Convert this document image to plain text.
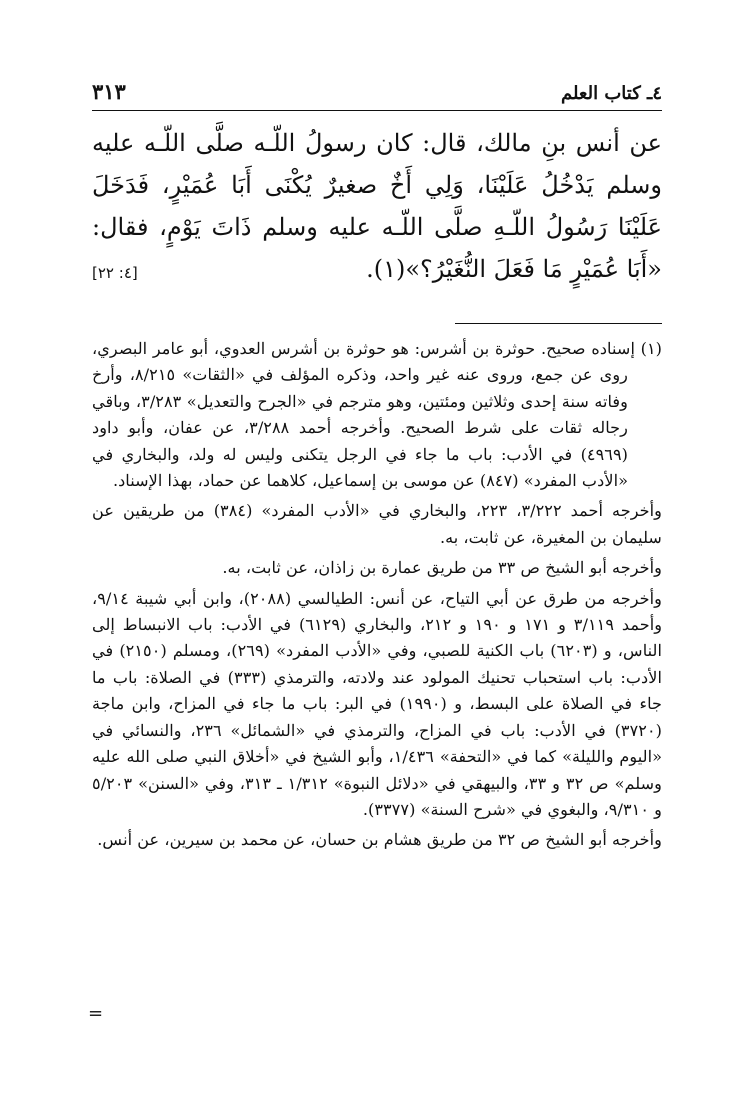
٤ـ كتاب العلم
٣١٣
عن أنس بنِ مالك، قال: كان رسولُ اللّـه صلَّى اللّـه عليه وسلم يَدْخُلُ عَلَيْنَا، وَلِي أَخٌ صغيرٌ يُكْنَى أَبَا عُمَيْرٍ، فَدَخَلَ عَلَيْنَا رَسُولُ اللّـهِ صلَّى اللّـه عليه وسلم ذَاتَ يَوْمٍ، فقال: «أَبَا عُمَيْرٍ مَا فَعَلَ النُّغَيْرُ؟»(١).
[٤: ٢٢]

(١) إسناده صحيح. حوثرة بن أشرس: هو حوثرة بن أشرس العدوي، أبو عامر البصري، روى عن جمع، وروى عنه غير واحد، وذكره المؤلف في «الثقات» ٨/٢١٥، وأرخ وفاته سنة إحدى وثلاثين ومئتين، وهو مترجم في «الجرح والتعديل» ٣/٢٨٣، وباقي رجاله ثقات على شرط الصحيح. وأخرجه أحمد ٣/٢٨٨، عن عفان، وأبو داود (٤٩٦٩) في الأدب: باب ما جاء في الرجل يتكنى وليس له ولد، والبخاري في «الأدب المفرد» (٨٤٧) عن موسى بن إسماعيل، كلاهما عن حماد، بهذا الإسناد.

وأخرجه أحمد ٣/٢٢٢، ٢٢٣، والبخاري في «الأدب المفرد» (٣٨٤) من طريقين عن سليمان بن المغيرة، عن ثابت، به.

وأخرجه أبو الشيخ ص ٣٣ من طريق عمارة بن زاذان، عن ثابت، به.

وأخرجه من طرق عن أبي التياح، عن أنس: الطيالسي (٢٠٨٨)، وابن أبي شيبة ٩/١٤، وأحمد ٣/١١٩ و ١٧١ و ١٩٠ و ٢١٢، والبخاري (٦١٢٩) في الأدب: باب الانبساط إلى الناس، و (٦٢٠٣) باب الكنية للصبي، وفي «الأدب المفرد» (٢٦٩)، ومسلم (٢١٥٠) في الأدب: باب استحباب تحنيك المولود عند ولادته، والترمذي (٣٣٣) في الصلاة: باب ما جاء في الصلاة على البسط، و (١٩٩٠) في البر: باب ما جاء في المزاح، وابن ماجة (٣٧٢٠) في الأدب: باب في المزاح، والترمذي في «الشمائل» ٢٣٦، والنسائي في «اليوم والليلة» كما في «التحفة» ١/٤٣٦، وأبو الشيخ في «أخلاق النبي صلى الله عليه وسلم» ص ٣٢ و ٣٣، والبيهقي في «دلائل النبوة» ١/٣١٢ ـ ٣١٣، وفي «السنن» ٥/٢٠٣ و ٩/٣١٠، والبغوي في «شرح السنة» (٣٣٧٧).

وأخرجه أبو الشيخ ص ٣٢ من طريق هشام بن حسان، عن محمد بن سيرين، عن أنس.

=
